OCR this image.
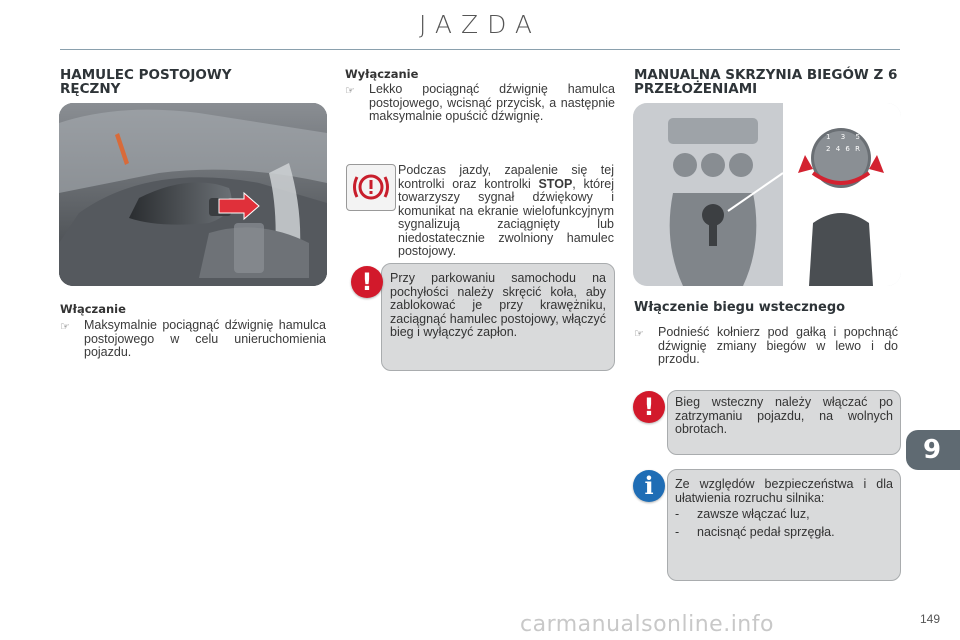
JAZDA
HAMULEC POSTOJOWY RĘCZNY
Włączanie
☞	Maksymalnie pociągnąć dźwignię hamulca postojowego w celu unieruchomienia pojazdu.
Wyłączanie
☞	Lekko pociągnąć dźwignię hamulca postojowego, wcisnąć przycisk, a następnie maksymalnie opuścić dźwignię.
Podczas jazdy, zapalenie się tej kontrolki oraz kontrolki STOP, której towarzyszy sygnał dźwiękowy i komunikat na ekranie wielofunkcyjnym sygnalizują zaciągnięty lub niedostatecznie zwolniony hamulec postojowy.
Przy parkowaniu samochodu na pochyłości należy skręcić koła, aby zablokować je przy krawężniku, zaciągnąć hamulec postojowy, włączyć bieg i wyłączyć zapłon.
!
MANUALNA SKRZYNIA BIEGÓW Z 6 PRZEŁOŻENIAMI
1 3 5
2 4 6 R
Włączenie biegu wstecznego
☞	Podnieść kołnierz pod gałką i popchnąć dźwignię zmiany biegów w lewo i do przodu.
Bieg wsteczny należy włączać po zatrzymaniu pojazdu, na wolnych obrotach.
!
Ze względów bezpieczeństwa i dla ułatwienia rozruchu silnika:
- zawsze włączać luz,
- nacisnąć pedał sprzęgła.
i
9
carmanualsonline.info	149
